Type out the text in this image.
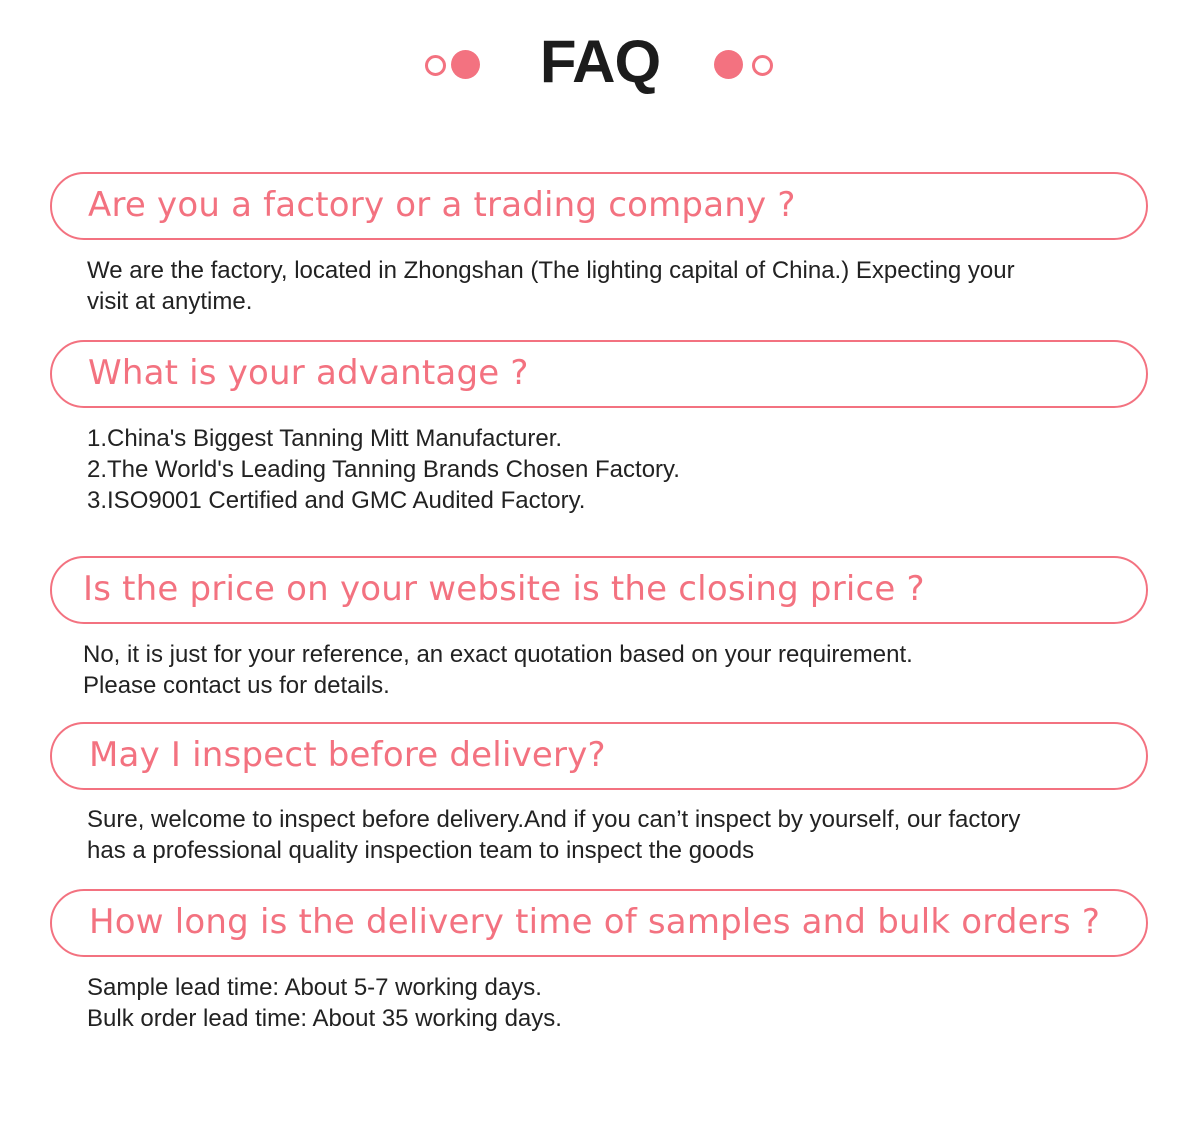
FAQ
Are you a factory or a trading company ?
We are the factory, located in Zhongshan (The lighting capital of China.) Expecting your
visit at anytime.
What is your advantage ?
1.China's Biggest Tanning Mitt Manufacturer.
2.The World's Leading Tanning Brands Chosen Factory.
3.ISO9001 Certified and GMC Audited Factory.
Is the price on your website is the closing price ?
No, it is just for your reference, an exact quotation based on your requirement.
Please contact us for details.
May I inspect before delivery?
Sure, welcome to inspect before delivery.And if you can’t inspect by yourself, our factory
has a professional quality inspection team to inspect the goods
How long is the delivery time of samples and bulk orders ?
Sample lead time: About 5-7 working days.
Bulk order lead time: About 35 working days.
